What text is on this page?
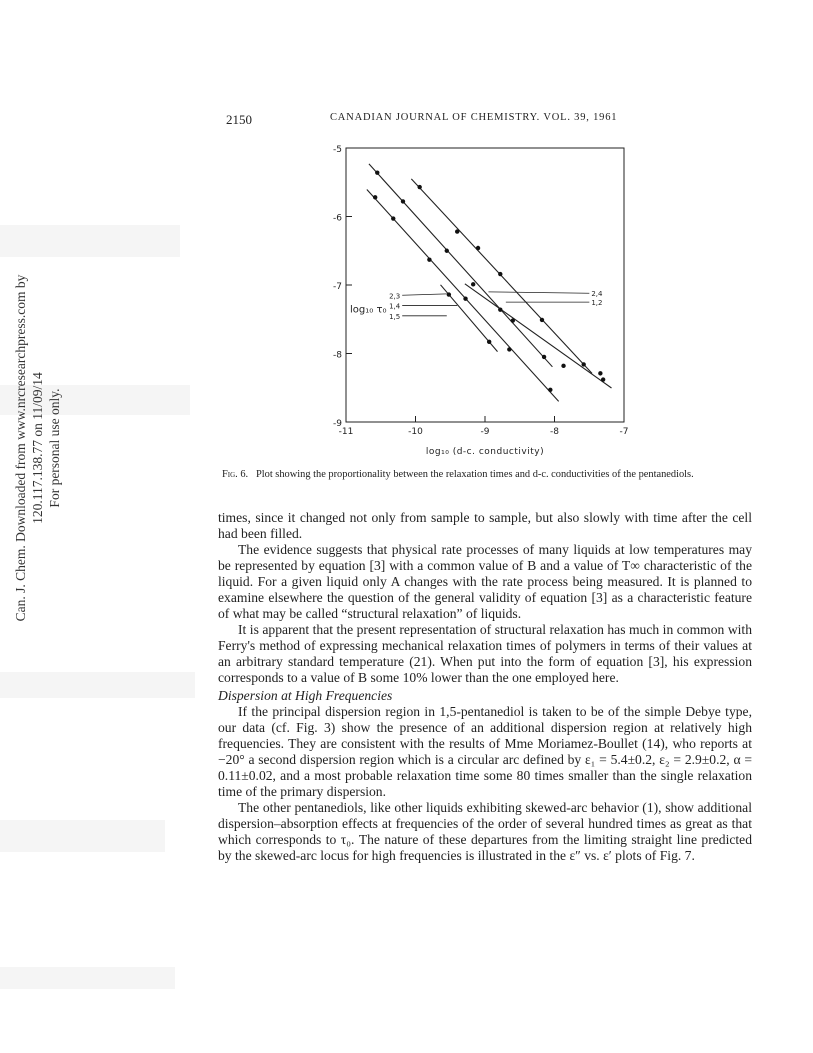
Can. J. Chem. Downloaded from www.nrcresearchpress.com by 120.117.138.77 on 11/09/14 For personal use only.
2150	CANADIAN JOURNAL OF CHEMISTRY. VOL. 39, 1961
-5
-6
-7
-8
-9
-11	-10	-9	-8	-7
log₁₀ (d-c. conductivity)
log₁₀ τ₀
2,3
1,4
1,5
2,4
1,2
Fig. 6. Plot showing the proportionality between the relaxation times and d-c. conductivities of the pentanediols.

times, since it changed not only from sample to sample, but also slowly with time after the cell had been filled.

The evidence suggests that physical rate processes of many liquids at low temperatures may be represented by equation [3] with a common value of B and a value of T∞ characteristic of the liquid. For a given liquid only A changes with the rate process being measured. It is planned to examine elsewhere the question of the general validity of equation [3] as a characteristic feature of what may be called “structural relaxation” of liquids.

It is apparent that the present representation of structural relaxation has much in common with Ferry's method of expressing mechanical relaxation times of polymers in terms of their values at an arbitrary standard temperature (21). When put into the form of equation [3], his expression corresponds to a value of B some 10% lower than the one employed here.

Dispersion at High Frequencies

If the principal dispersion region in 1,5-pentanediol is taken to be of the simple Debye type, our data (cf. Fig. 3) show the presence of an additional dispersion region at relatively high frequencies. They are consistent with the results of Mme Moriamez-Boullet (14), who reports at −20° a second dispersion region which is a circular arc defined by ε₁ = 5.4±0.2, ε₂ = 2.9±0.2, α = 0.11±0.02, and a most probable relaxation time some 80 times smaller than the single relaxation time of the primary dispersion.

The other pentanediols, like other liquids exhibiting skewed-arc behavior (1), show additional dispersion–absorption effects at frequencies of the order of several hundred times as great as that which corresponds to τ₀. The nature of these departures from the limiting straight line predicted by the skewed-arc locus for high frequencies is illustrated in the ε″ vs. ε′ plots of Fig. 7.
